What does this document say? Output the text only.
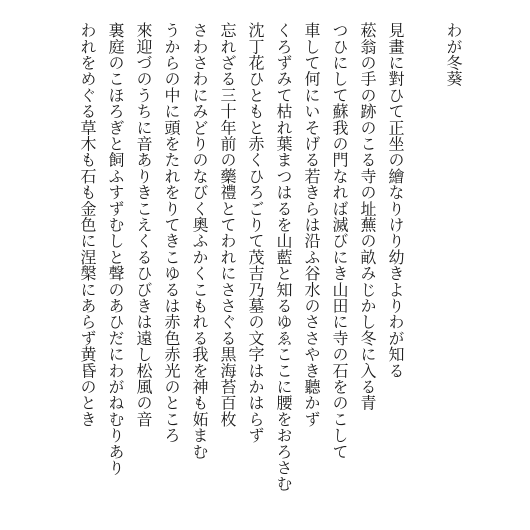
わが冬葵
見畫に對ひて正坐の繪なりけり幼きよりわが知る
菘翁の手の跡のこる寺の址蕪の畝みじかし冬に入る青
つひにして蘇我の門なれば滅びにき山田に寺の石をのこして
車して何にいそげる若きらは沿ふ谷水のささやき聽かず
くろずみて枯れ葉まつはるを山藍と知るゆゑここに腰をおろさむ
沈丁花ひともと赤くひろごりて茂吉乃墓の文字はかはらず
忘れざる三十年前の藥禮とてわれにささぐる黒海苔百枚
さわさわにみどりのなびく奧ふかくこもれる我を神も妬まむ
うからの中に頭をたれをりてきこゆるは赤色赤光のところ
來迎づのうちに音ありきこえくるひびきは遠し松風の音
裏庭のこほろぎと飼ふすずむしと聲のあひだにわがねむりあり
われをめぐる草木も石も金色に涅槃にあらず黄昏のとき
